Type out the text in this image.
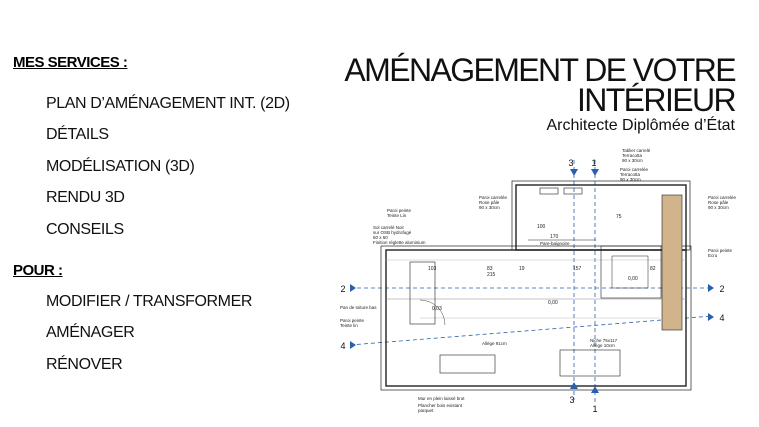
MES SERVICES :
PLAN D’AMÉNAGEMENT INT. (2D)
DÉTAILS
MODÉLISATION (3D)
RENDU 3D
CONSEILS
POUR :
MODIFIER / TRANSFORMER
AMÉNAGER
RÉNOVER
AMÉNAGEMENT DE VOTRE
INTÉRIEUR
Architecte Diplômée d’État
3 1
2	2
4
4
3
1
Tablier carrelé
Terracotta
90 x 30cm
Paroi carrelée
Terracotta
90 x 30cm
Paroi carrelée
Rose pâle
90 x 30cm
Paroi carrelée
Rose pâle
90 x 30cm
Paroi peinte
Teinte Lin
Sol carrelé Noir
sur OSB hydrofugé
60 x 60
Finition réglette aluminium
Paroi peinte
Ecru
Pare-baignoire
Pan de toiture bas
Paroi peinte
Teinte lin
Allège 91cm
Niche 75x117
Allège 10cm
Mur en plein laissé brut
Plancher bois existant
parquet
103	83
215
19	157
170
100
75
82
0,00
0,00
0,03
